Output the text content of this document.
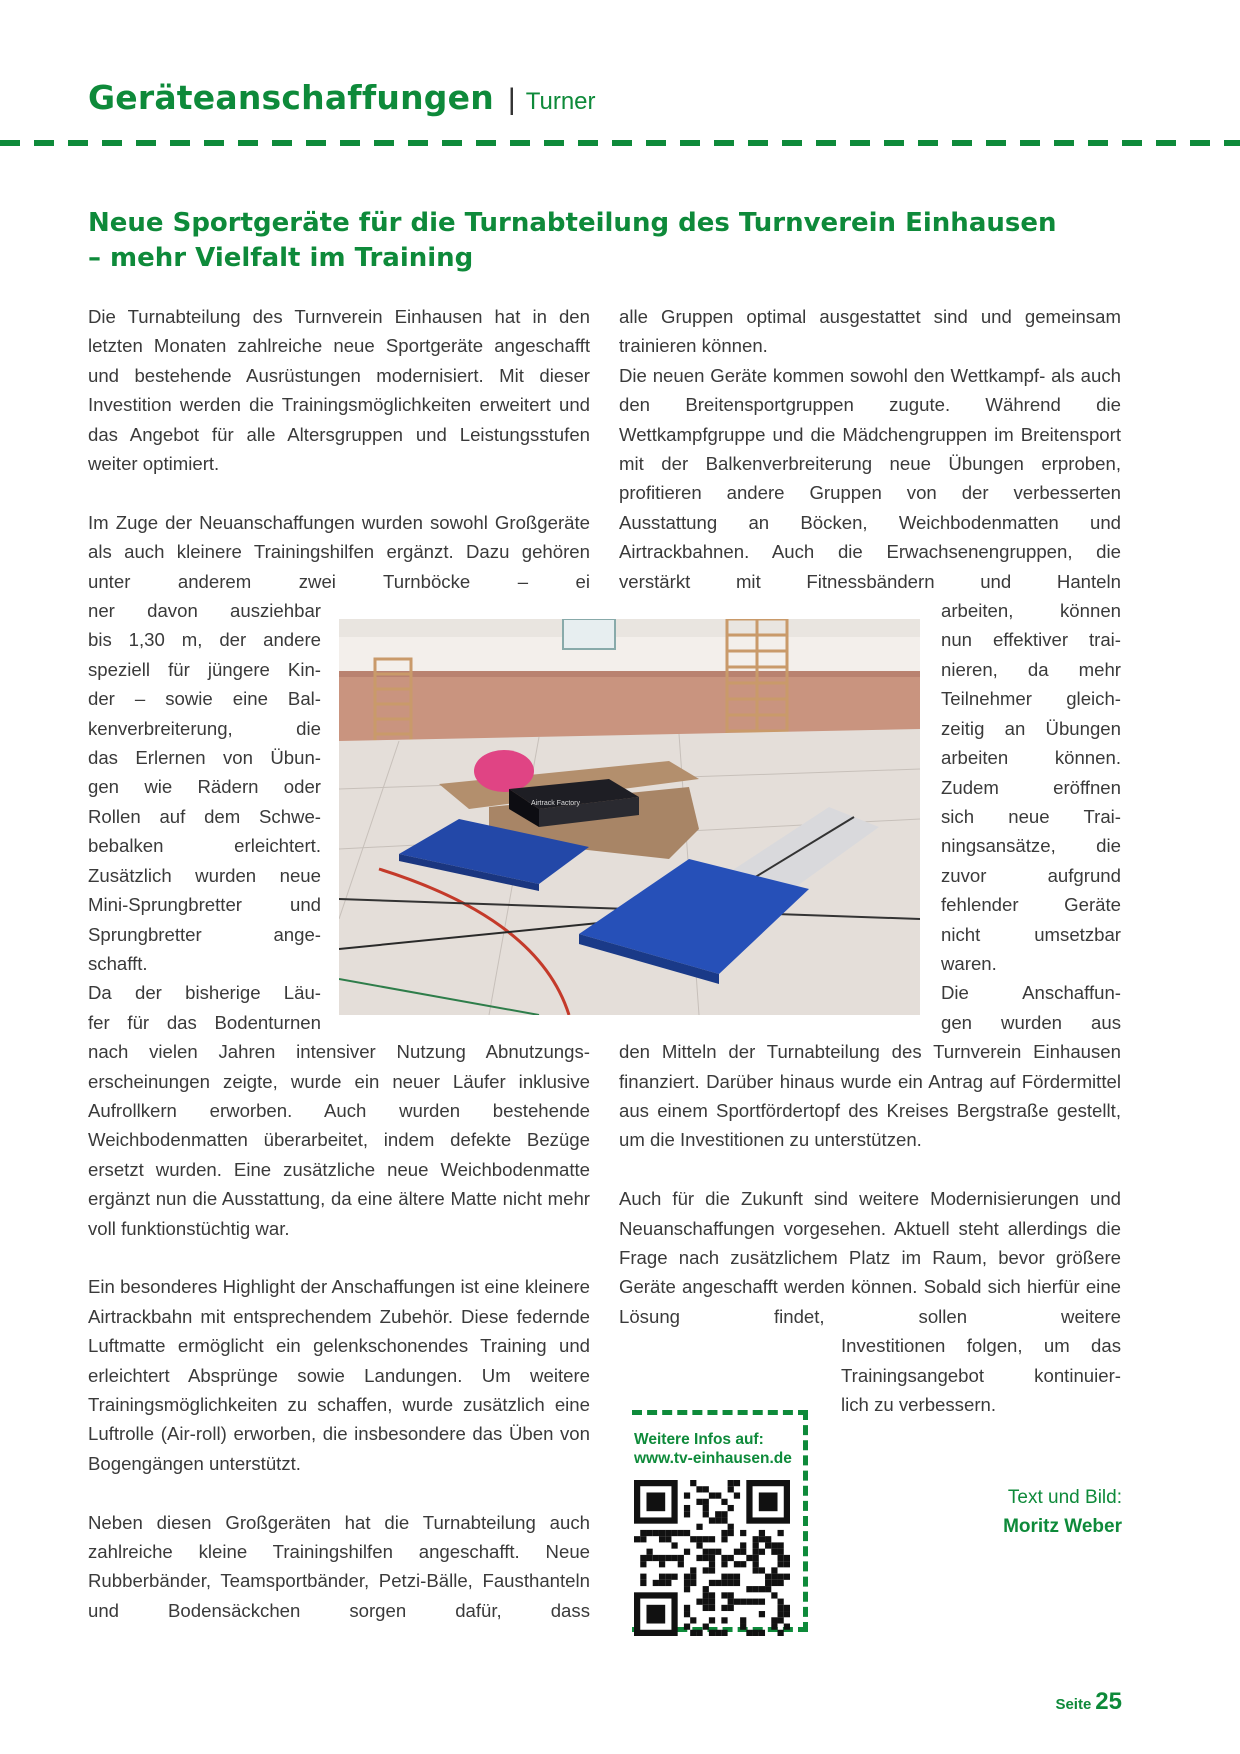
Geräteanschaffungen | Turner
Neue Sportgeräte für die Turnabteilung des Turnverein Einhausen
– mehr Vielfalt im Training

Die Turnabteilung des Turnverein Einhausen hat in den letzten Monaten zahlreiche neue Sportgeräte angeschafft und bestehende Ausrüstungen modernisiert. Mit dieser Investition werden die Trainingsmöglichkeiten erweitert und das Angebot für alle Altersgruppen und Leistungsstufen weiter optimiert.

Im Zuge der Neuanschaffungen wurden sowohl Großgeräte als auch kleinere Trainingshilfen ergänzt. Dazu gehören unter anderem zwei Turnböcke – ei

ner davon ausziehbar
bis 1,30 m, der andere
speziell für jüngere Kin-
der – sowie eine Bal-
kenverbreiterung, die
das Erlernen von Übun-
gen wie Rädern oder
Rollen auf dem Schwe-
bebalken erleichtert.
Zusätzlich wurden neue
Mini-Sprungbretter und
Sprungbretter ange-
schafft.
Da der bisherige Läu-
fer für das Bodenturnen

nach vielen Jahren intensiver Nutzung Abnutzungserscheinungen zeigte, wurde ein neuer Läufer inklusive Aufrollkern erworben. Auch wurden bestehende Weichbodenmatten überarbeitet, indem defekte Bezüge ersetzt wurden. Eine zusätzliche neue Weichbodenmatte ergänzt nun die Ausstattung, da eine ältere Matte nicht mehr voll funktionstüchtig war.

Ein besonderes Highlight der Anschaffungen ist eine kleinere Airtrackbahn mit entsprechendem Zubehör. Diese federnde Luftmatte ermöglicht ein gelenkschonendes Training und erleichtert Absprünge sowie Landungen. Um weitere Trainingsmöglichkeiten zu schaffen, wurde zusätzlich eine Luftrolle (Air-roll) erworben, die insbesondere das Üben von Bogengängen unterstützt.

Neben diesen Großgeräten hat die Turnabteilung auch zahlreiche kleine Trainingshilfen angeschafft. Neue Rubberbänder, Teamsportbänder, Petzi-Bälle, Fausthanteln und Bodensäckchen sorgen dafür, dass

alle Gruppen optimal ausgestattet sind und gemeinsam trainieren können.

Die neuen Geräte kommen sowohl den Wettkampf- als auch den Breitensportgruppen zugute. Während die Wettkampfgruppe und die Mädchengruppen im Breitensport mit der Balkenverbreiterung neue Übungen erproben, profitieren andere Gruppen von der verbesserten Ausstattung an Böcken, Weichbodenmatten und Airtrackbahnen. Auch die Erwachsenengruppen, die verstärkt mit Fitnessbändern und Hanteln

arbeiten, können
nun effektiver trai-
nieren, da mehr
Teilnehmer gleich-
zeitig an Übungen
arbeiten können.
Zudem eröffnen
sich neue Trai-
ningsansätze, die
zuvor aufgrund
fehlender Geräte
nicht umsetzbar
waren.
Die Anschaffun-
gen wurden aus

den Mitteln der Turnabteilung des Turnverein Einhausen finanziert. Darüber hinaus wurde ein Antrag auf Fördermittel aus einem Sportfördertopf des Kreises Bergstraße gestellt, um die Investitionen zu unterstützen.

Auch für die Zukunft sind weitere Modernisierungen und Neuanschaffungen vorgesehen. Aktuell steht allerdings die Frage nach zusätzlichem Platz im Raum, bevor größere Geräte angeschafft werden können. Sobald sich hierfür eine Lösung findet, sollen weitere

Investitionen folgen, um das
Trainingsangebot kontinuier-
lich zu verbessern.
Airtrack Factory
Weitere Infos auf:
www.tv-einhausen.de
Text und Bild:
Moritz Weber
Seite 25
